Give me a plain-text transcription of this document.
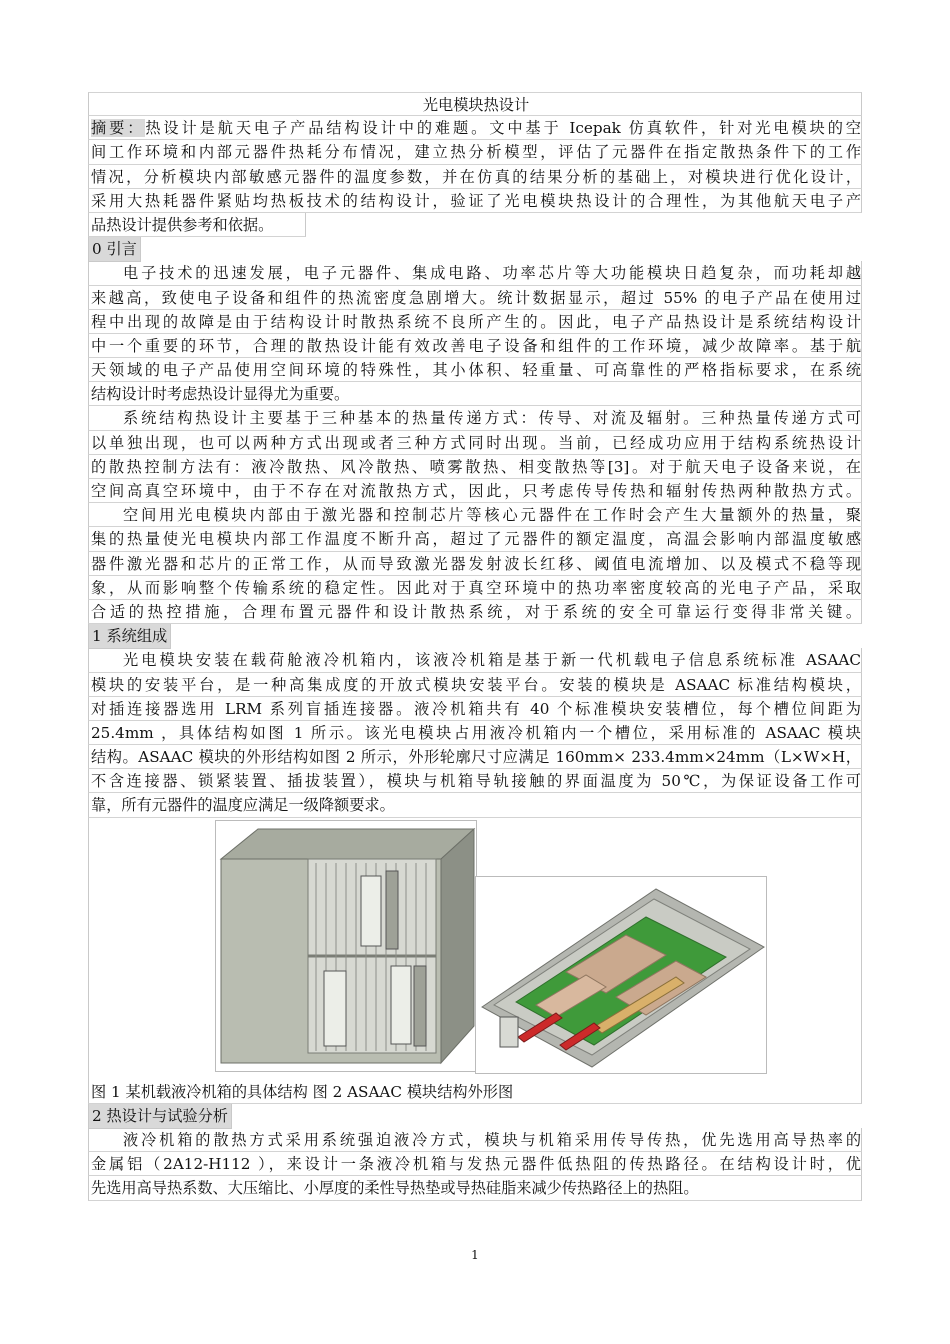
光电模块热设计
摘要：热设计是航天电子产品结构设计中的难题。文中基于 Icepak 仿真软件，针对光电模块的空
间工作环境和内部元器件热耗分布情况，建立热分析模型，评估了元器件在指定散热条件下的工作
情况，分析模块内部敏感元器件的温度参数，并在仿真的结果分析的基础上，对模块进行优化设计，
采用大热耗器件紧贴均热板技术的结构设计，验证了光电模块热设计的合理性，为其他航天电子产
品热设计提供参考和依据。
0 引言
电子技术的迅速发展，电子元器件、集成电路、功率芯片等大功能模块日趋复杂，而功耗却越
来越高，致使电子设备和组件的热流密度急剧增大。统计数据显示，超过 55% 的电子产品在使用过
程中出现的故障是由于结构设计时散热系统不良所产生的。因此，电子产品热设计是系统结构设计
中一个重要的环节，合理的散热设计能有效改善电子设备和组件的工作环境，减少故障率。基于航
天领域的电子产品使用空间环境的特殊性，其小体积、轻重量、可高靠性的严格指标要求，在系统
结构设计时考虑热设计显得尤为重要。
系统结构热设计主要基于三种基本的热量传递方式：传导、对流及辐射。三种热量传递方式可
以单独出现，也可以两种方式出现或者三种方式同时出现。当前，已经成功应用于结构系统热设计
的散热控制方法有：液冷散热、风冷散热、喷雾散热、相变散热等[3]。对于航天电子设备来说，在
空间高真空环境中，由于不存在对流散热方式，因此，只考虑传导传热和辐射传热两种散热方式。
空间用光电模块内部由于激光器和控制芯片等核心元器件在工作时会产生大量额外的热量，聚
集的热量使光电模块内部工作温度不断升高，超过了元器件的额定温度，高温会影响内部温度敏感
器件激光器和芯片的正常工作，从而导致激光器发射波长红移、阈值电流增加、以及模式不稳等现
象，从而影响整个传输系统的稳定性。因此对于真空环境中的热功率密度较高的光电子产品，采取
合适的热控措施，合理布置元器件和设计散热系统，对于系统的安全可靠运行变得非常关键。
1 系统组成
光电模块安装在载荷舱液冷机箱内，该液冷机箱是基于新一代机载电子信息系统标准 ASAAC
模块的安装平台，是一种高集成度的开放式模块安装平台。安装的模块是 ASAAC 标准结构模块，
对插连接器选用 LRM 系列盲插连接器。液冷机箱共有 40 个标准模块安装槽位，每个槽位间距为
25.4mm ，具体结构如图 1 所示。该光电模块占用液冷机箱内一个槽位，采用标准的 ASAAC 模块
结构。ASAAC 模块的外形结构如图 2 所示，外形轮廓尺寸应满足 160mm× 233.4mm×24mm（L×W×H，
不含连接器、锁紧装置、插拔装置），模块与机箱导轨接触的界面温度为 50℃，为保证设备工作可
靠，所有元器件的温度应满足一级降额要求。
图 1 某机载液冷机箱的具体结构 图 2 ASAAC 模块结构外形图
2 热设计与试验分析
液冷机箱的散热方式采用系统强迫液冷方式，模块与机箱采用传导传热，优先选用高导热率的
金属铝（2A12-H112 ），来设计一条液冷机箱与发热元器件低热阻的传热路径。在结构设计时，优
先选用高导热系数、大压缩比、小厚度的柔性导热垫或导热硅脂来减少传热路径上的热阻。
1
